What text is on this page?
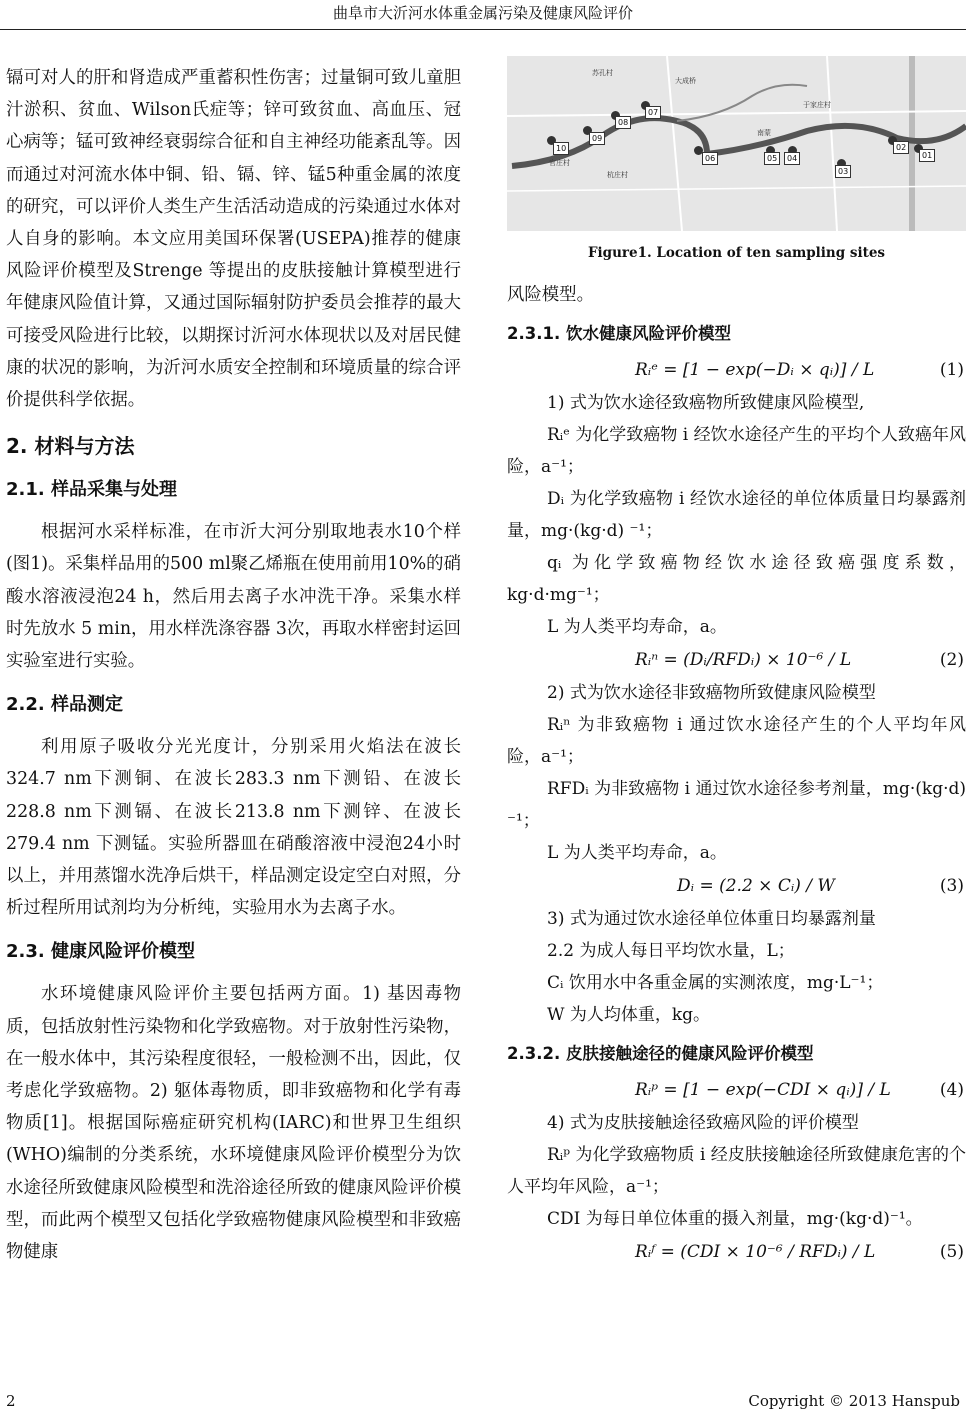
曲阜市大沂河水体重金属污染及健康风险评价

镉可对人的肝和肾造成严重蓄积性伤害；过量铜可致儿童胆汁淤积、贫血、Wilson氏症等；锌可致贫血、高血压、冠心病等；锰可致神经衰弱综合征和自主神经功能紊乱等。因而通过对河流水体中铜、铅、镉、锌、锰5种重金属的浓度的研究，可以评价人类生产生活活动造成的污染通过水体对人自身的影响。本文应用美国环保署(USEPA)推荐的健康风险评价模型及Strenge 等提出的皮肤接触计算模型进行年健康风险值计算，又通过国际辐射防护委员会推荐的最大可接受风险进行比较，以期探讨沂河水体现状以及对居民健康的状况的影响，为沂河水质安全控制和环境质量的综合评价提供科学依据。

2. 材料与方法
2.1. 样品采集与处理

根据河水采样标准，在市沂大河分别取地表水10个样(图1)。采集样品用的500 ml聚乙烯瓶在使用前用10%的硝酸水溶液浸泡24 h，然后用去离子水冲洗干净。采集水样时先放水 5 min，用水样洗涤容器 3次，再取水样密封运回实验室进行实验。

2.2. 样品测定

利用原子吸收分光光度计，分别采用火焰法在波长324.7 nm下测铜、在波长283.3 nm下测铅、在波长228.8 nm下测镉、在波长213.8 nm下测锌、在波长 279.4 nm 下测锰。实验所器皿在硝酸溶液中浸泡24小时以上，并用蒸馏水洗净后烘干，样品测定设定空白对照，分析过程所用试剂均为分析纯，实验用水为去离子水。

2.3. 健康风险评价模型

水环境健康风险评价主要包括两方面。1) 基因毒物质，包括放射性污染物和化学致癌物。对于放射性污染物，在一般水体中，其污染程度很轻，一般检测不出，因此，仅考虑化学致癌物。2) 躯体毒物质，即非致癌物和化学有毒物质[1]。根据国际癌症研究机构(IARC)和世界卫生组织(WHO)编制的分类系统，水环境健康风险评价模型分为饮水途径所致健康风险模型和洗浴途径所致的健康风险评价模型，而此两个模型又包括化学致癌物健康风险模型和非致癌物健康

10
09
08
07
06	05	04
03
02
01
苏孔村
大成桥
南蒙
官庄村
杭庄村
于家庄村
Figure1. Location of ten sampling sites

风险模型。

2.3.1. 饮水健康风险评价模型
Rᵢᵉ = [1 − exp(−Dᵢ × qᵢ)] / L	(1)

1) 式为饮水途径致癌物所致健康风险模型,

Rᵢᵉ 为化学致癌物 i 经饮水途径产生的平均个人致癌年风险，a⁻¹；

Dᵢ 为化学致癌物 i 经饮水途径的单位体质量日均暴露剂量，mg·(kg·d) ⁻¹；

qᵢ 为化学致癌物经饮水途径致癌强度系数，kg·d·mg⁻¹；

L 为人类平均寿命，a。

Rᵢⁿ = (Dᵢ/RFDᵢ) × 10⁻⁶ / L	(2)

2) 式为饮水途径非致癌物所致健康风险模型

Rᵢⁿ 为非致癌物 i 通过饮水途径产生的个人平均年风险，a⁻¹；

RFDᵢ 为非致癌物 i 通过饮水途径参考剂量，mg·(kg·d) ⁻¹；

L 为人类平均寿命，a。

Dᵢ = (2.2 × Cᵢ) / W	(3)

3) 式为通过饮水途径单位体重日均暴露剂量

2.2 为成人每日平均饮水量，L；

Cᵢ 饮用水中各重金属的实测浓度，mg·L⁻¹；

W 为人均体重，kg。

2.3.2. 皮肤接触途径的健康风险评价模型
Rᵢᵖ = [1 − exp(−CDI × qᵢ)] / L	(4)

4) 式为皮肤接触途径致癌风险的评价模型

Rᵢᵖ 为化学致癌物质 i 经皮肤接触途径所致健康危害的个人平均年风险，a⁻¹；

CDI 为每日单位体重的摄入剂量，mg·(kg·d)⁻¹。

Rᵢᶠ = (CDI × 10⁻⁶ / RFDᵢ) / L	(5)
2	Copyright © 2013 Hanspub
